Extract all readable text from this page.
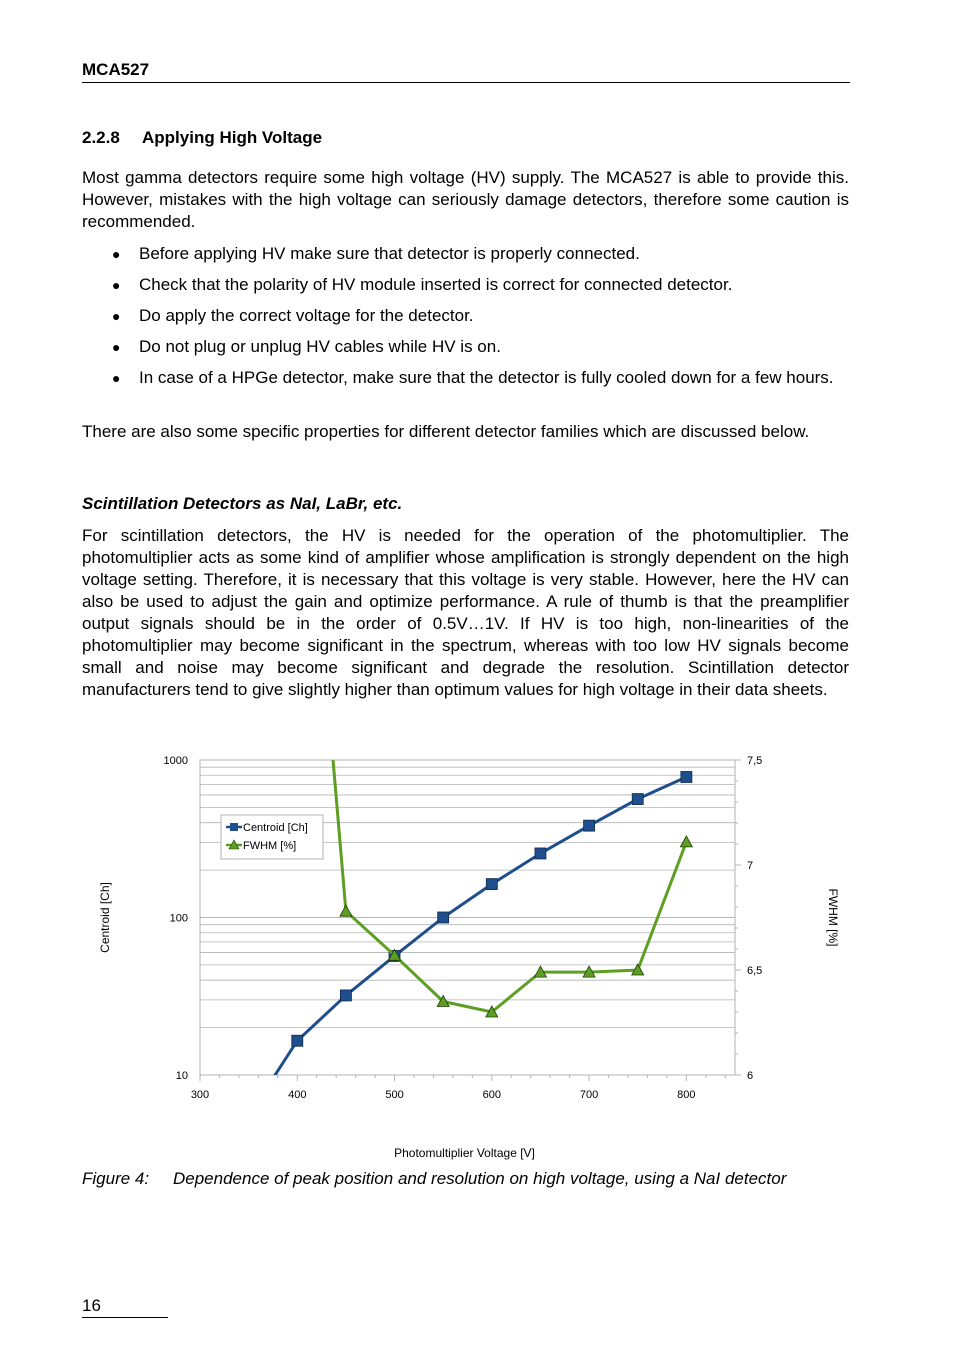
MCA527
2.2.8 Applying High Voltage

Most gamma detectors require some high voltage (HV) supply. The MCA527 is able to provide this. However, mistakes with the high voltage can seriously damage detectors, therefore some caution is recommended.

● Before applying HV make sure that detector is properly connected.
● Check that the polarity of HV module inserted is correct for connected detector.
● Do apply the correct voltage for the detector.
● Do not plug or unplug HV cables while HV is on.
● In case of a HPGe detector, make sure that the detector is fully cooled down for a few hours.

There are also some specific properties for different detector families which are discussed below.

Scintillation Detectors as NaI, LaBr, etc.

For scintillation detectors, the HV is needed for the operation of the photomultiplier. The photomultiplier acts as some kind of amplifier whose amplification is strongly dependent on the high voltage setting. Therefore, it is necessary that this voltage is very stable. However, here the HV can also be used to adjust the gain and optimize performance. A rule of thumb is that the preamplifier output signals should be in the order of 0.5V…1V. If HV is too high, non-linearities of the photomultiplier may become significant in the spectrum, whereas with too low HV signals become small and noise may become significant and degrade the resolution. Scintillation detector manufacturers tend to give slightly higher than optimum values for high voltage in their data sheets.

300	400	500	600	700	800
10
100
1000
6
6,5
7
7,5
Centroid [Ch]	FWHM [%]
Photomultiplier Voltage [V]
Centroid [Ch]
FWHM [%]
Figure 4: Dependence of peak position and resolution on high voltage, using a NaI detector
16
